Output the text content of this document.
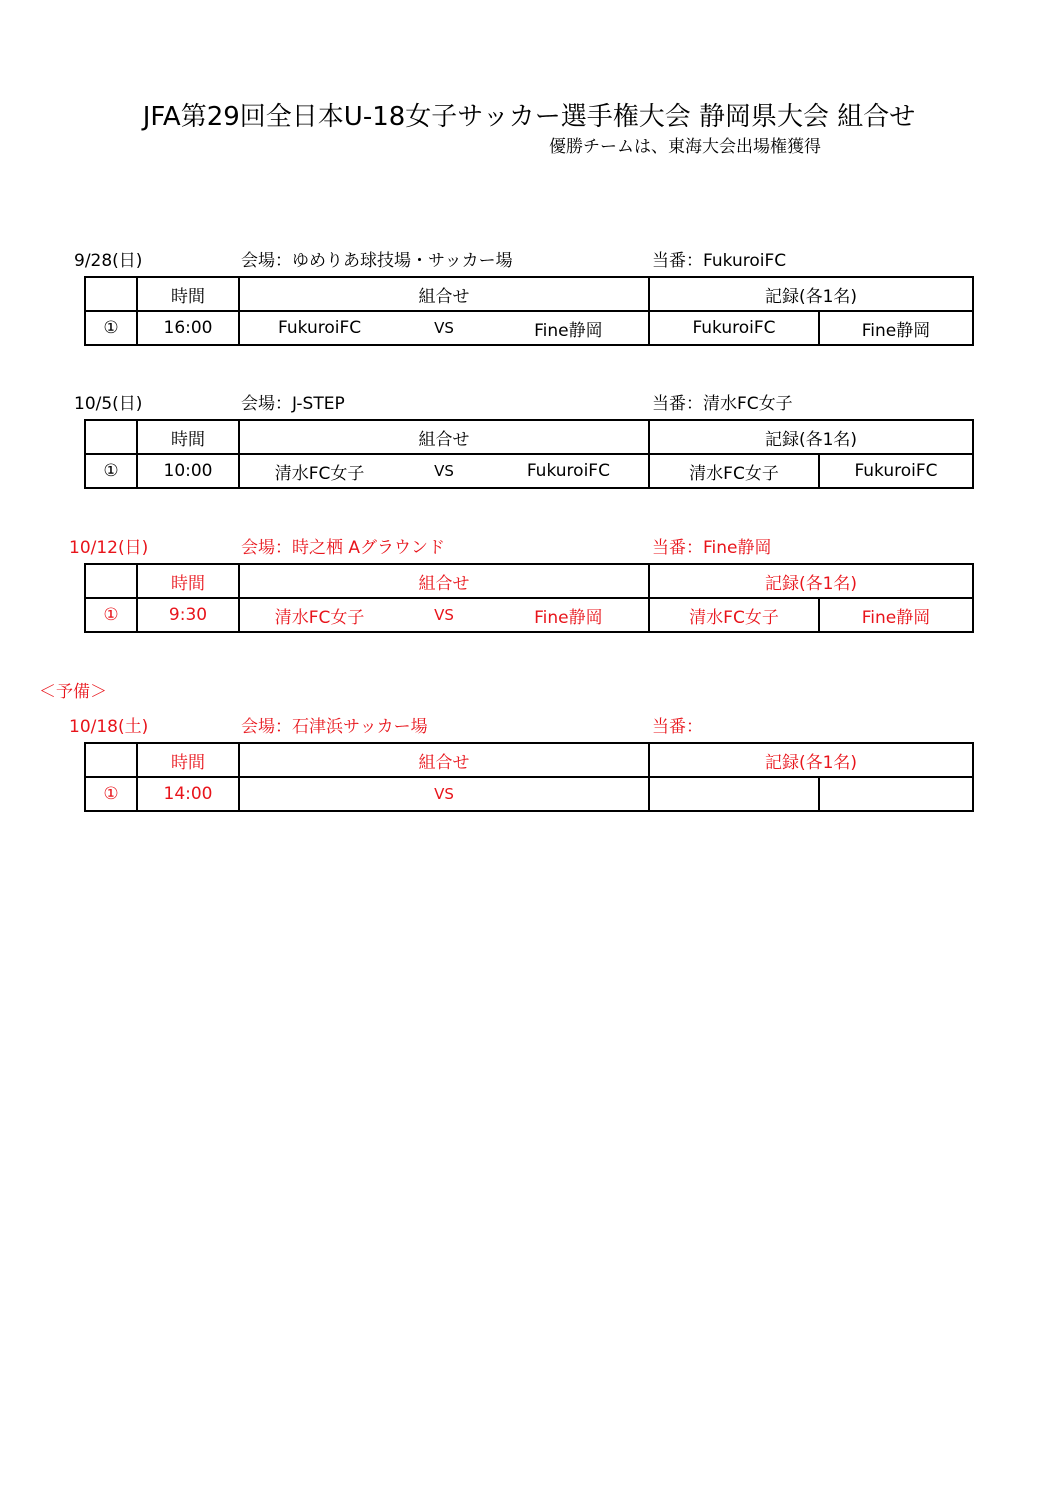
JFA第29回全日本U-18女子サッカー選手権大会 静岡県大会 組合せ
優勝チームは、東海大会出場権獲得
9/28(日)	会場：ゆめりあ球技場・サッカー場	当番：FukuroiFC
	時間	組合せ	記録(各1名)	
①	16:00	FukuroiFC VS Fine静岡	FukuroiFC	Fine静岡
10/5(日)	会場：J-STEP	当番：清水FC女子
	時間	組合せ	記録(各1名)	
①	10:00	清水FC女子 VS FukuroiFC	清水FC女子	FukuroiFC
10/12(日)	会場：時之栖 Aグラウンド	当番：Fine静岡
	時間	組合せ	記録(各1名)	
①	9:30	清水FC女子 VS Fine静岡	清水FC女子	Fine静岡
＜予備＞
10/18(土)	会場：石津浜サッカー場	当番：
	時間	組合せ	記録(各1名)	
①	14:00	VS		
